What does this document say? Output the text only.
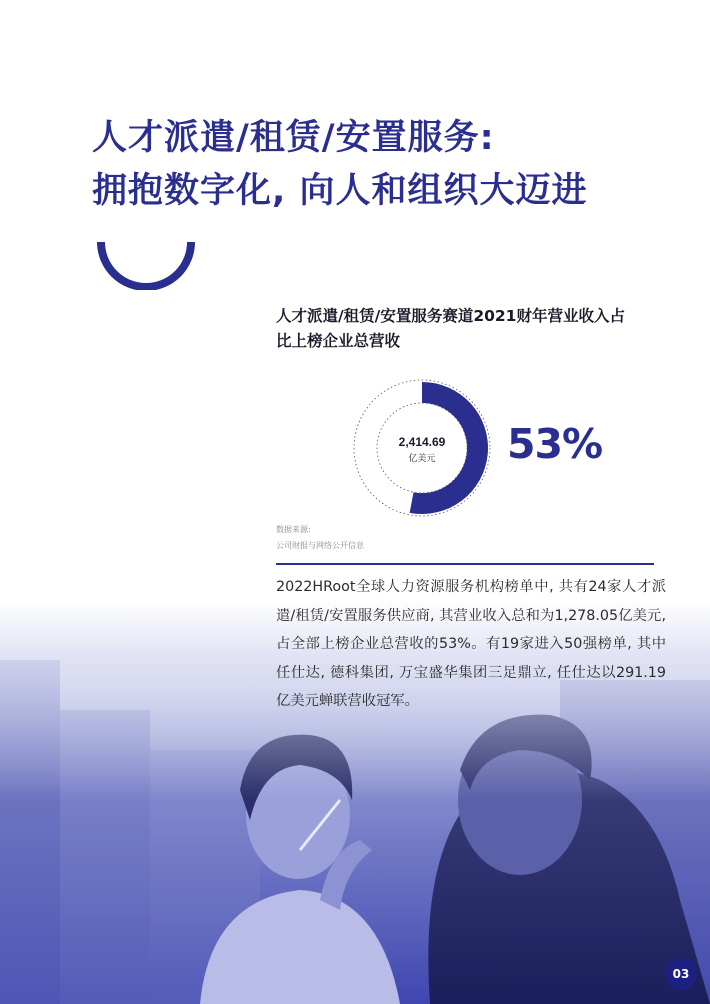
人才派遣/租赁/安置服务:
拥抱数字化, 向人和组织大迈进
人才派遣/租赁/安置服务赛道2021财年营业收入占
比上榜企业总营收
2,414.69
亿美元 53%
数据来源:
公司财报与网络公开信息
2022HRoot全球人力资源服务机构榜单中, 共有24家人才派遣/租赁/安置服务供应商, 其营业收入总和为1,278.05亿美元, 占全部上榜企业总营收的53%。有19家进入50强榜单, 其中任仕达, 德科集团, 万宝盛华集团三足鼎立, 任仕达以291.19亿美元蝉联营收冠军。
03
